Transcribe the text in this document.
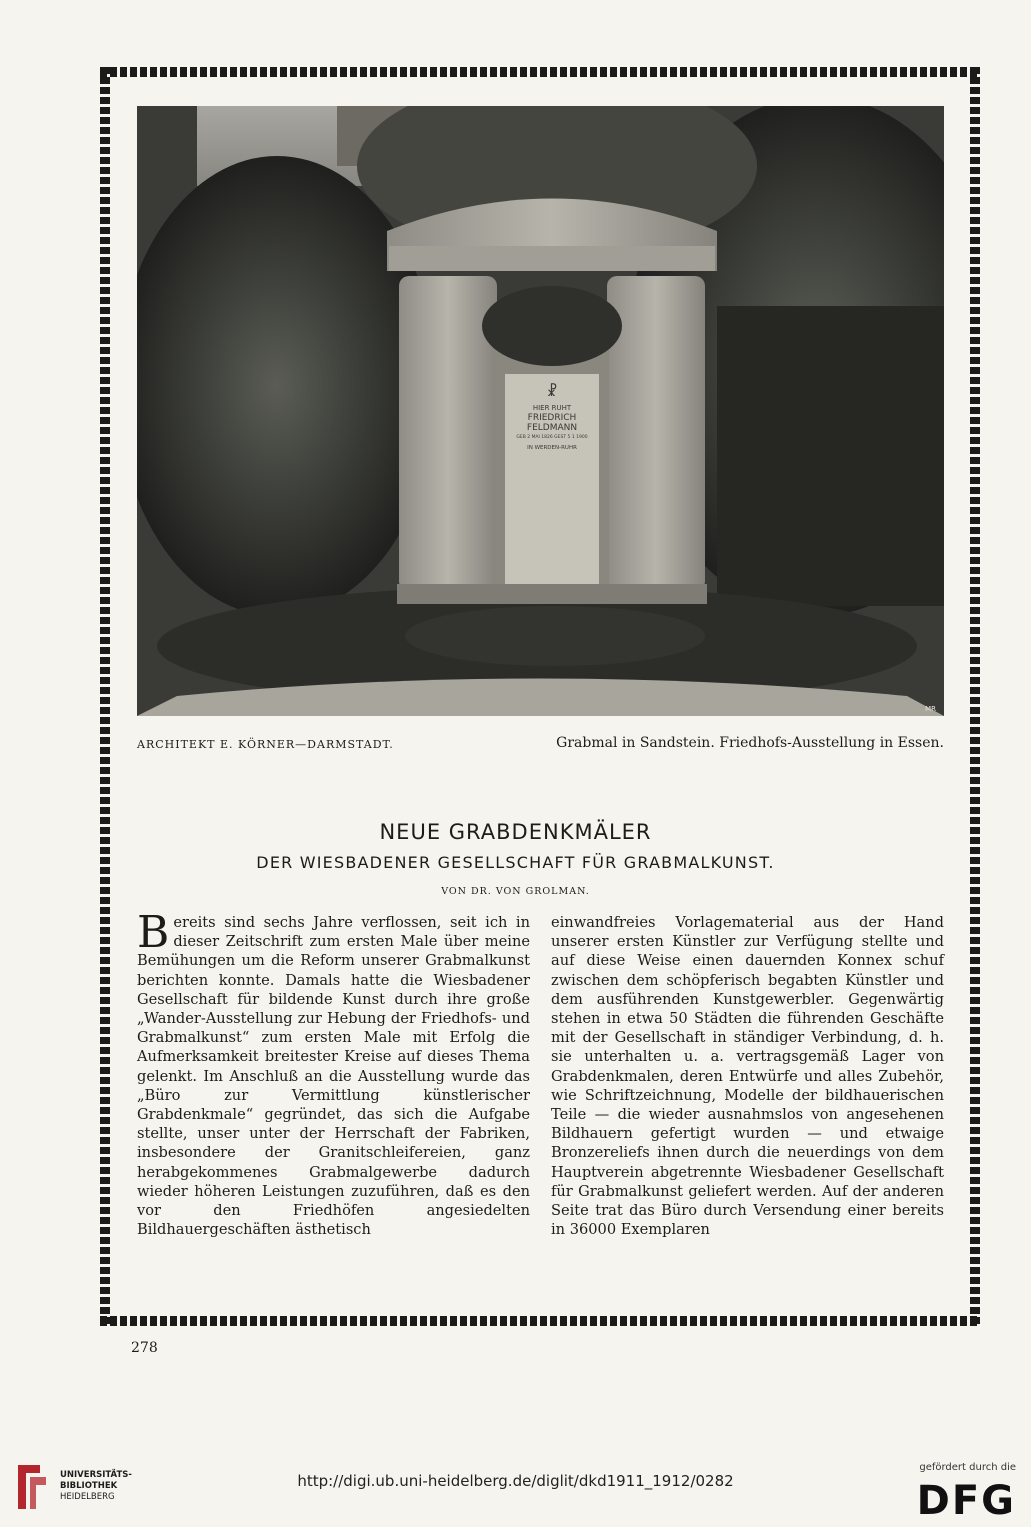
☧
HIER RUHT
FRIEDRICH
FELDMANN
GEB 2 MAI 1826 GEST 5 1 1900
IN WERDEN-RUHR
MR
ARCHITEKT E. KÖRNER—DARMSTADT.	Grabmal in Sandstein. Friedhofs-Ausstellung in Essen.
NEUE GRABDENKMÄLER
DER WIESBADENER GESELLSCHAFT FÜR GRABMALKUNST.
VON DR. VON GROLMAN.
B ereits sind sechs Jahre verflossen, seit ich in dieser Zeitschrift zum ersten Male über meine Bemühungen um die Reform unserer Grabmalkunst berichten konnte. Damals hatte die Wiesbadener Gesellschaft für bildende Kunst durch ihre große „Wander-Ausstellung zur Hebung der Friedhofs- und Grabmalkunst“ zum ersten Male mit Erfolg die Aufmerksamkeit breitester Kreise auf dieses Thema gelenkt. Im Anschluß an die Ausstellung wurde das „Büro zur Vermittlung künstlerischer Grabdenkmale“ gegründet, das sich die Aufgabe stellte, unser unter der Herrschaft der Fabriken, insbesondere der Granitschleifereien, ganz herabgekommenes Grabmalgewerbe dadurch wieder höheren Leistungen zuzuführen, daß es den vor den Friedhöfen angesiedelten Bildhauergeschäften ästhetisch

einwandfreies Vorlagematerial aus der Hand unserer ersten Künstler zur Verfügung stellte und auf diese Weise einen dauernden Konnex schuf zwischen dem schöpferisch begabten Künstler und dem ausführenden Kunstgewerbler. Gegenwärtig stehen in etwa 50 Städten die führenden Geschäfte mit der Gesellschaft in ständiger Verbindung, d. h. sie unterhalten u. a. vertragsgemäß Lager von Grabdenkmalen, deren Entwürfe und alles Zubehör, wie Schriftzeichnung, Modelle der bildhauerischen Teile — die wieder ausnahmslos von angesehenen Bildhauern gefertigt wurden — und etwaige Bronzereliefs ihnen durch die neuerdings von dem Hauptverein abgetrennte Wiesbadener Gesellschaft für Grabmalkunst geliefert werden. Auf der anderen Seite trat das Büro durch Versendung einer bereits in 36000 Exemplaren

278
UNIVERSITÄTS-
BIBLIOTHEK
HEIDELBERG
http://digi.ub.uni-heidelberg.de/diglit/dkd1911_1912/0282
gefördert durch die
DFG
